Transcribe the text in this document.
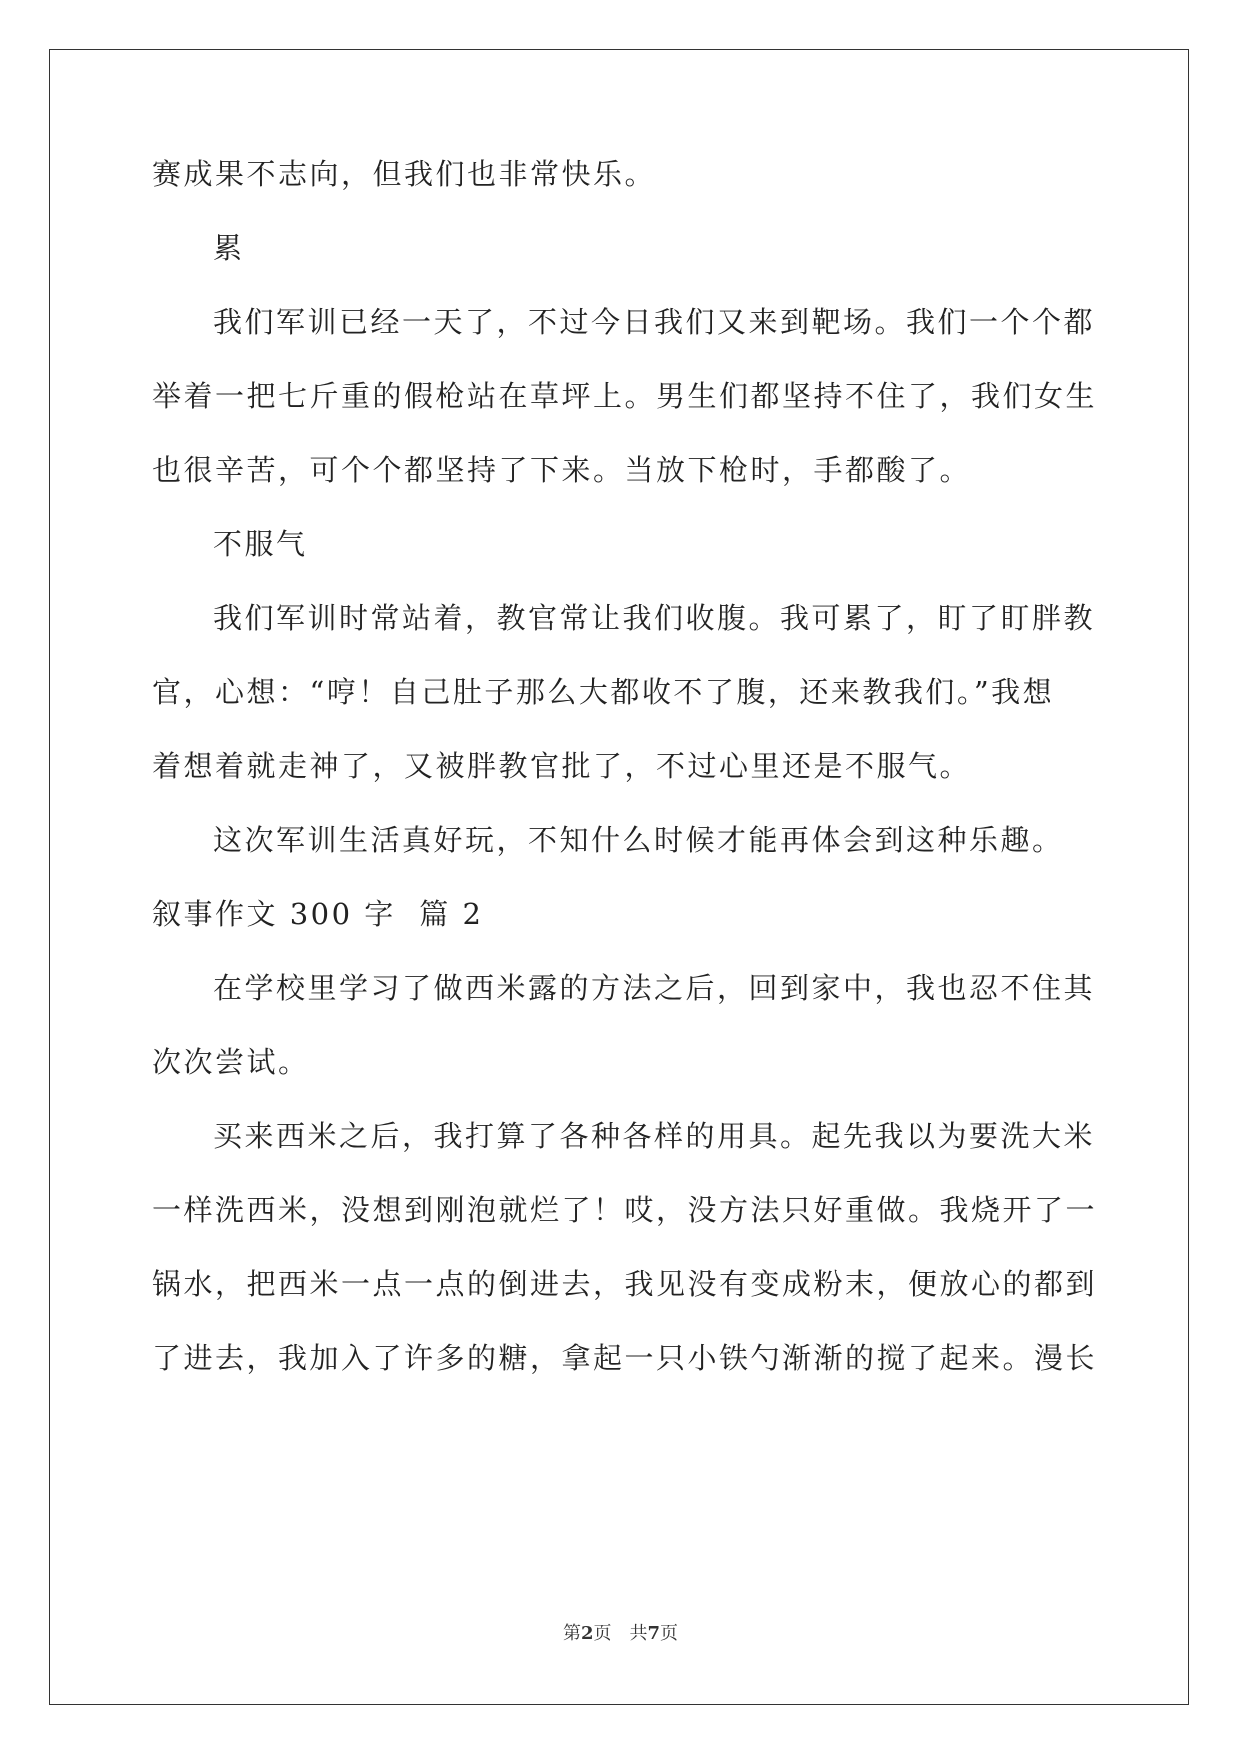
赛成果不志向，但我们也非常快乐。
累
我们军训已经一天了，不过今日我们又来到靶场。我们一个个都
举着一把七斤重的假枪站在草坪上。男生们都坚持不住了，我们女生
也很辛苦，可个个都坚持了下来。当放下枪时，手都酸了。
不服气
我们军训时常站着，教官常让我们收腹。我可累了，盯了盯胖教
官，心想：“哼！自己肚子那么大都收不了腹，还来教我们。”我想
着想着就走神了，又被胖教官批了，不过心里还是不服气。
这次军训生活真好玩，不知什么时候才能再体会到这种乐趣。
叙事作文 300 字  篇 2
在学校里学习了做西米露的方法之后，回到家中，我也忍不住其
次次尝试。
买来西米之后，我打算了各种各样的用具。起先我以为要洗大米
一样洗西米，没想到刚泡就烂了！哎，没方法只好重做。我烧开了一
锅水，把西米一点一点的倒进去，我见没有变成粉末，便放心的都到
了进去，我加入了许多的糖，拿起一只小铁勺渐渐的搅了起来。漫长
第2页 共7页
